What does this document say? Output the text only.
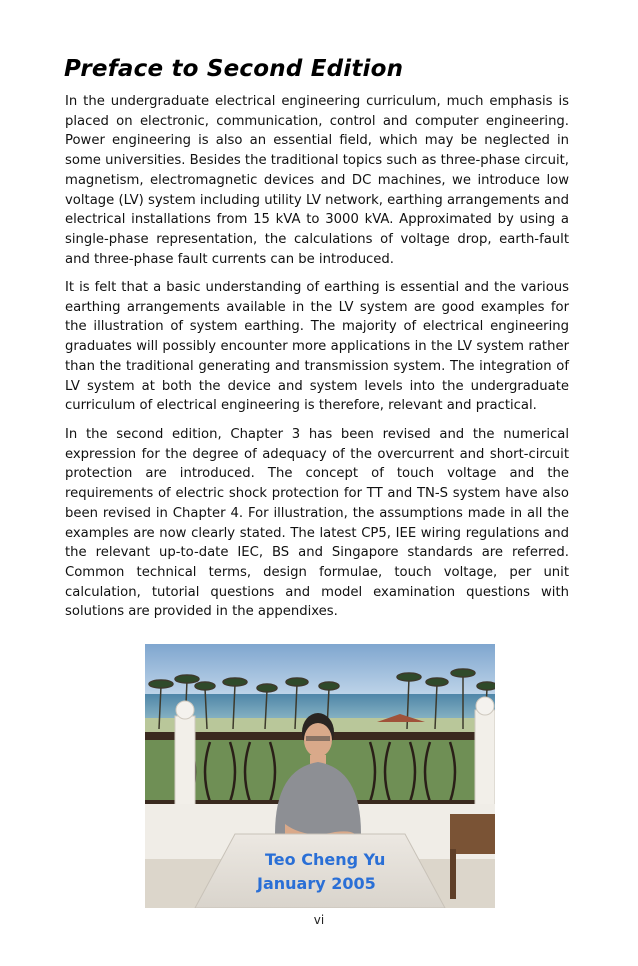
Preface to Second Edition

In the undergraduate electrical engineering curriculum, much emphasis is placed on electronic, communication, control and computer engineering. Power engineering is also an essential field, which may be neglected in some universities. Besides the traditional topics such as three-phase circuit, magnetism, electromagnetic devices and DC machines, we introduce low voltage (LV) system including utility LV network, earthing arrangements and electrical installations from 15 kVA to 3000 kVA. Approximated by using a single-phase representation, the calculations of voltage drop, earth-fault and three-phase fault currents can be introduced.

It is felt that a basic understanding of earthing is essential and the various earthing arrangements available in the LV system are good examples for the illustration of system earthing. The majority of electrical engineering graduates will possibly encounter more applications in the LV system rather than the traditional generating and transmission system. The integration of LV system at both the device and system levels into the undergraduate curriculum of electrical engineering is therefore, relevant and practical.

In the second edition, Chapter 3 has been revised and the numerical expression for the degree of adequacy of the overcurrent and short-circuit protection are introduced. The concept of touch voltage and the requirements of electric shock protection for TT and TN-S system have also been revised in Chapter 4. For illustration, the assumptions made in all the examples are now clearly stated. The latest CP5, IEE wiring regulations and the relevant up-to-date IEC, BS and Singapore standards are referred. Common technical terms, design formulae, touch voltage, per unit calculation, tutorial questions and model examination questions with solutions are provided in the appendixes.

Teo Cheng Yu
January 2005
vi
